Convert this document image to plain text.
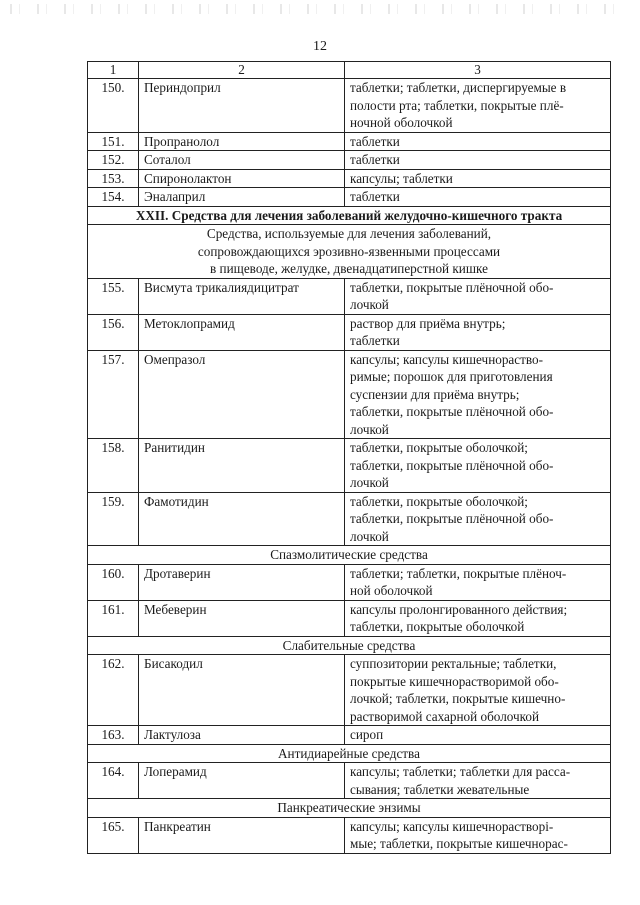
12
1	2	3
150.	Периндоприл	таблетки; таблетки, диспергируемые в
полости рта; таблетки, покрытые плё-
ночной оболочкой

151.	Пропранолол	таблетки

152.	Соталол	таблетки

153.	Спиронолактон	капсулы; таблетки

154.	Эналаприл	таблетки

XXII. Средства для лечения заболеваний желудочно-кишечного тракта		

Средства, используемые для лечения заболеваний,
сопровождающихся эрозивно-язвенными процессами
в пищеводе, желудке, двенадцатиперстной кишке		

155.	Висмута трикалиядицитрат	таблетки, покрытые плёночной обо-
лочкой

156.	Метоклопрамид	раствор для приёма внутрь;
таблетки

157.	Омепразол	капсулы; капсулы кишечнораство-
римые; порошок для приготовления
суспензии для приёма внутрь;
таблетки, покрытые плёночной обо-
лочкой

158.	Ранитидин	таблетки, покрытые оболочкой;
таблетки, покрытые плёночной обо-
лочкой

159.	Фамотидин	таблетки, покрытые оболочкой;
таблетки, покрытые плёночной обо-
лочкой

Спазмолитические средства		

160.	Дротаверин	таблетки; таблетки, покрытые плёноч-
ной оболочкой

161.	Мебеверин	капсулы пролонгированного действия;
таблетки, покрытые оболочкой

Слабительные средства		

162.	Бисакодил	суппозитории ректальные; таблетки,
покрытые кишечнорастворимой обо-
лочкой; таблетки, покрытые кишечно-
растворимой сахарной оболочкой

163.	Лактулоза	сироп

Антидиарейные средства		

164.	Лоперамид	капсулы; таблетки; таблетки для расса-
сывания; таблетки жевательные

Панкреатические энзимы		

165.	Панкреатин	капсулы; капсулы кишечнорастворі-
мые; таблетки, покрытые кишечнорас-
